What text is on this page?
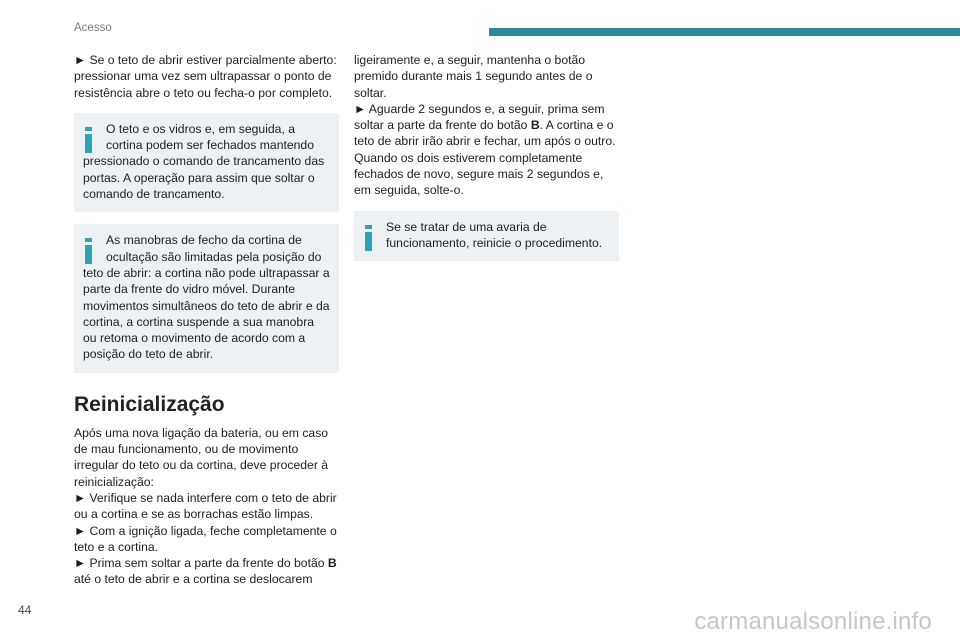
Acesso

► Se o teto de abrir estiver parcialmente aberto: pressionar uma vez sem ultrapassar o ponto de resistência abre o teto ou fecha-o por completo.

O teto e os vidros e, em seguida, a cortina podem ser fechados mantendo pressionado o comando de trancamento das portas. A operação para assim que soltar o comando de trancamento.

As manobras de fecho da cortina de ocultação são limitadas pela posição do teto de abrir: a cortina não pode ultrapassar a parte da frente do vidro móvel. Durante movimentos simultâneos do teto de abrir e da cortina, a cortina suspende a sua manobra ou retoma o movimento de acordo com a posição do teto de abrir.

Reinicialização

Após uma nova ligação da bateria, ou em caso de mau funcionamento, ou de movimento irregular do teto ou da cortina, deve proceder à reinicialização:

► Verifique se nada interfere com o teto de abrir ou a cortina e se as borrachas estão limpas.

► Com a ignição ligada, feche completamente o teto e a cortina.

► Prima sem soltar a parte da frente do botão B até o teto de abrir e a cortina se deslocarem

ligeiramente e, a seguir, mantenha o botão premido durante mais 1 segundo antes de o soltar.

► Aguarde 2 segundos e, a seguir, prima sem soltar a parte da frente do botão B. A cortina e o teto de abrir irão abrir e fechar, um após o outro. Quando os dois estiverem completamente fechados de novo, segure mais 2 segundos e, em seguida, solte-o.

Se se tratar de uma avaria de funcionamento, reinicie o procedimento.

44	carmanualsonline.info
